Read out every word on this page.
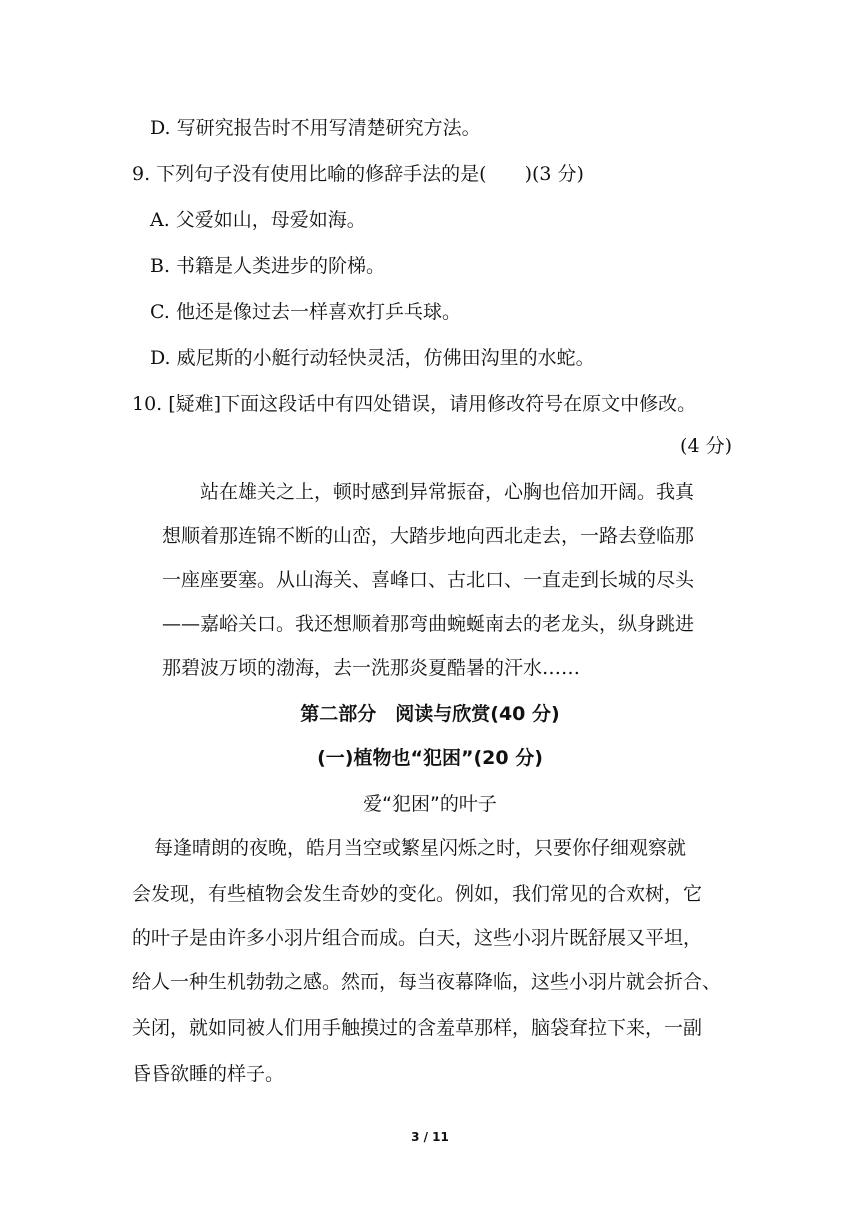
D. 写研究报告时不用写清楚研究方法。

9. 下列句子没有使用比喻的修辞手法的是(　　)(3 分)

A. 父爱如山，母爱如海。

B. 书籍是人类进步的阶梯。

C. 他还是像过去一样喜欢打乒乓球。

D. 威尼斯的小艇行动轻快灵活，仿佛田沟里的水蛇。

10. [疑难]下面这段话中有四处错误，请用修改符号在原文中修改。

(4 分)

站在雄关之上，顿时感到异常振奋，心胸也倍加开阔。我真

想顺着那连锦不断的山峦，大踏步地向西北走去，一路去登临那

一座座要塞。从山海关、喜峰口、古北口、一直走到长城的尽头

——嘉峪关口。我还想顺着那弯曲蜿蜒南去的老龙头，纵身跳进

那碧波万顷的渤海，去一洗那炎夏酷暑的汗水……

第二部分　阅读与欣赏(40 分)

(一)植物也“犯困”(20 分)

爱“犯困”的叶子

每逢晴朗的夜晚，皓月当空或繁星闪烁之时，只要你仔细观察就

会发现，有些植物会发生奇妙的变化。例如，我们常见的合欢树，它

的叶子是由许多小羽片组合而成。白天，这些小羽片既舒展又平坦，

给人一种生机勃勃之感。然而，每当夜幕降临，这些小羽片就会折合、

关闭，就如同被人们用手触摸过的含羞草那样，脑袋耷拉下来，一副

昏昏欲睡的样子。

3 / 11
